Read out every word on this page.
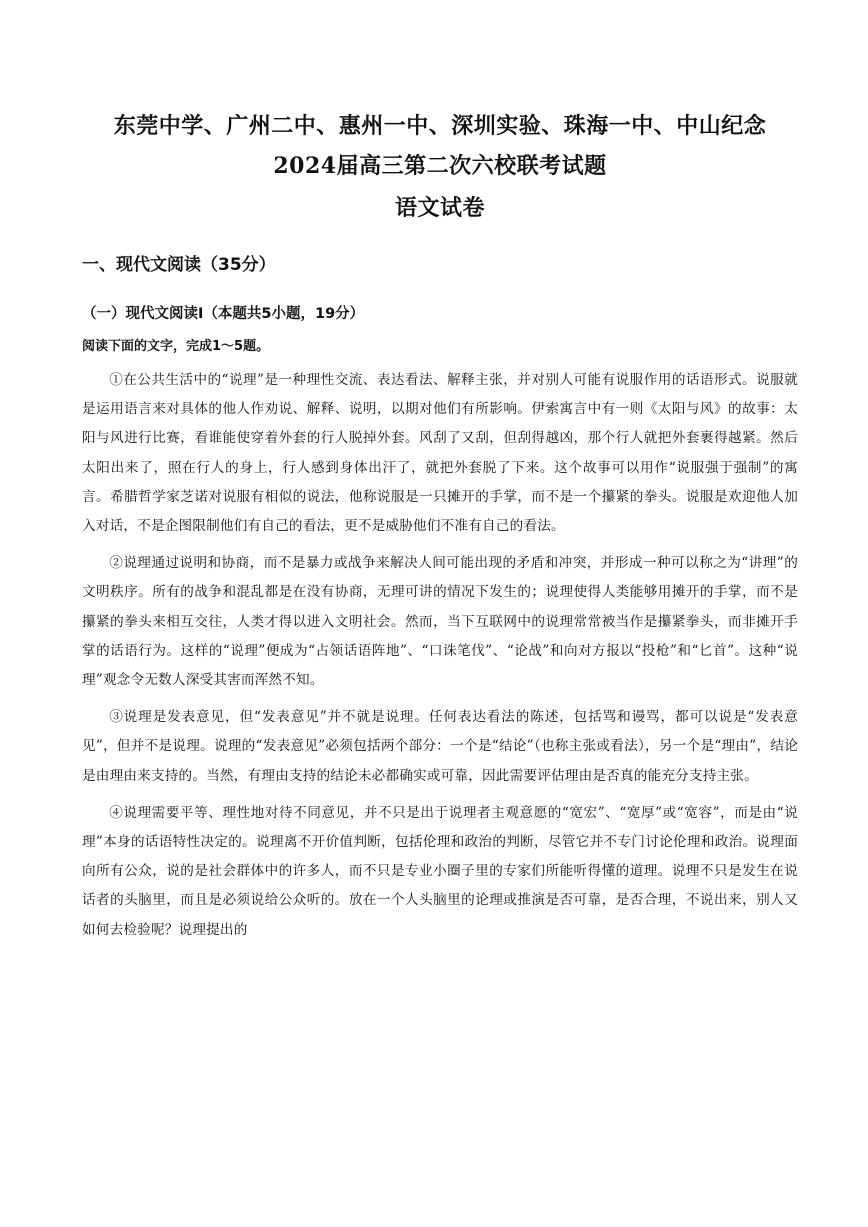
东莞中学、广州二中、惠州一中、深圳实验、珠海一中、中山纪念
2024届高三第二次六校联考试题
语文试卷
一、现代文阅读（35分）
（一）现代文阅读Ⅰ（本题共5小题，19分）
阅读下面的文字，完成1～5题。

①在公共生活中的“说理”是一种理性交流、表达看法、解释主张，并对别人可能有说服作用的话语形式。说服就是运用语言来对具体的他人作劝说、解释、说明，以期对他们有所影响。伊索寓言中有一则《太阳与风》的故事：太阳与风进行比赛，看谁能使穿着外套的行人脱掉外套。风刮了又刮，但刮得越凶，那个行人就把外套裹得越紧。然后太阳出来了，照在行人的身上，行人感到身体出汗了，就把外套脱了下来。这个故事可以用作“说服强于强制”的寓言。希腊哲学家芝诺对说服有相似的说法，他称说服是一只摊开的手掌，而不是一个攥紧的拳头。说服是欢迎他人加入对话，不是企图限制他们有自己的看法，更不是威胁他们不准有自己的看法。

②说理通过说明和协商，而不是暴力或战争来解决人间可能出现的矛盾和冲突，并形成一种可以称之为“讲理”的文明秩序。所有的战争和混乱都是在没有协商，无理可讲的情况下发生的；说理使得人类能够用摊开的手掌，而不是攥紧的拳头来相互交往，人类才得以进入文明社会。然而，当下互联网中的说理常常被当作是攥紧拳头，而非摊开手掌的话语行为。这样的“说理”便成为“占领话语阵地”、“口诛笔伐”、“论战”和向对方报以“投枪”和“匕首”。这种“说理”观念令无数人深受其害而浑然不知。

③说理是发表意见，但“发表意见”并不就是说理。任何表达看法的陈述，包括骂和谩骂，都可以说是“发表意见”，但并不是说理。说理的“发表意见”必须包括两个部分：一个是“结论”（也称主张或看法），另一个是“理由”，结论是由理由来支持的。当然，有理由支持的结论未必都确实或可靠，因此需要评估理由是否真的能充分支持主张。

④说理需要平等、理性地对待不同意见，并不只是出于说理者主观意愿的“宽宏”、“宽厚”或“宽容”，而是由“说理”本身的话语特性决定的。说理离不开价值判断，包括伦理和政治的判断，尽管它并不专门讨论伦理和政治。说理面向所有公众，说的是社会群体中的许多人，而不只是专业小圈子里的专家们所能听得懂的道理。说理不只是发生在说话者的头脑里，而且是必须说给公众听的。放在一个人头脑里的论理或推演是否可靠，是否合理，不说出来，别人又如何去检验呢？说理提出的
